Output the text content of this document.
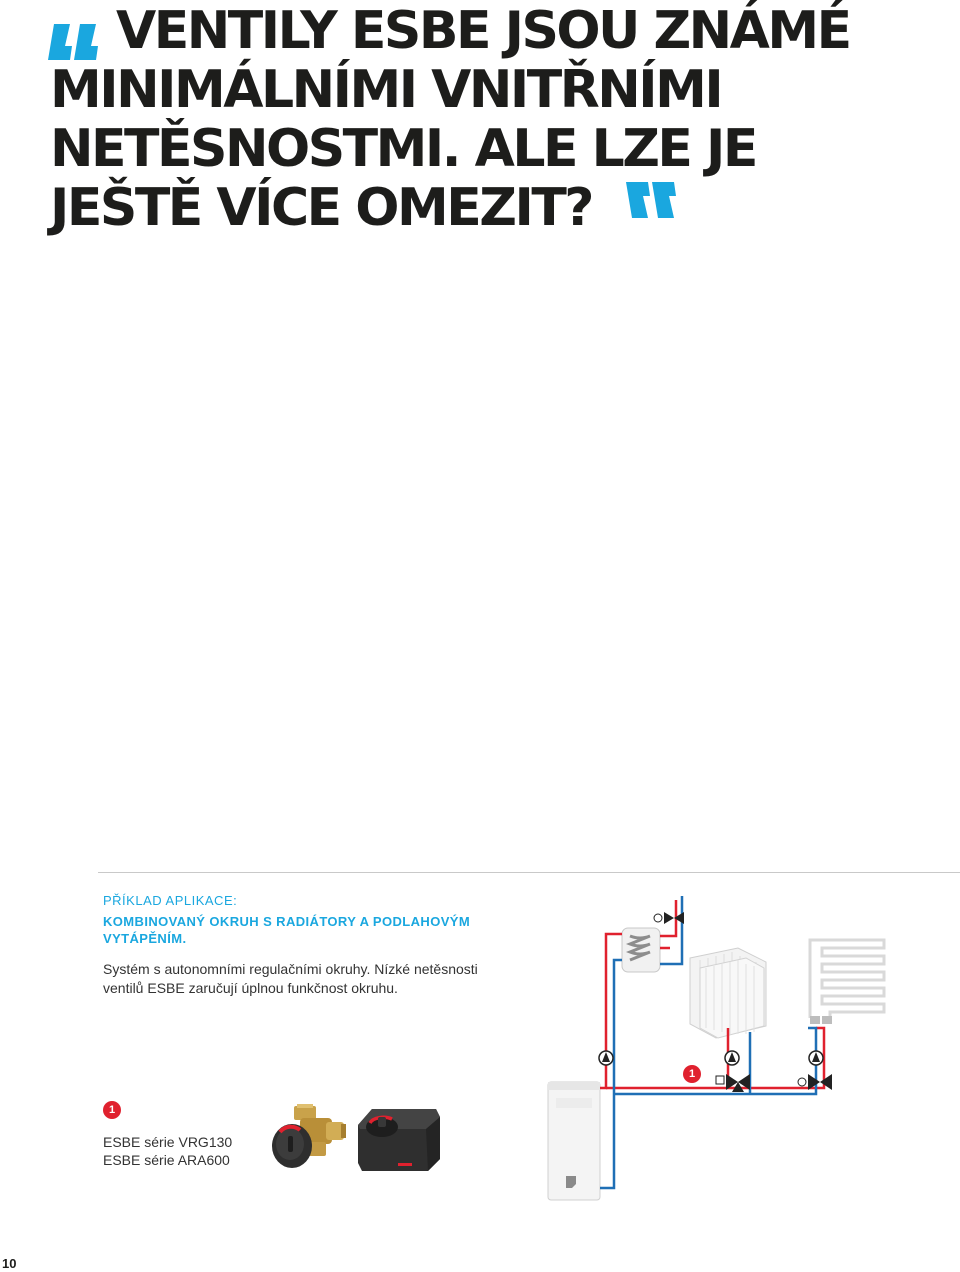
VENTILY ESBE JSOU ZNÁMÉ
MINIMÁLNÍMI VNITŘNÍMI
NETĚSNOSTMI. ALE LZE JE
JEŠTĚ VÍCE OMEZIT?
PŘÍKLAD APLIKACE:
KOMBINOVANÝ OKRUH S RADIÁTORY A PODLAHOVÝM VYTÁPĚNÍM.
Systém s autonomními regulačními okruhy. Nízké netěsnosti ventilů ESBE zaručují úplnou funkčnost okruhu.
1
ESBE série VRG130
ESBE série ARA600
1
10
